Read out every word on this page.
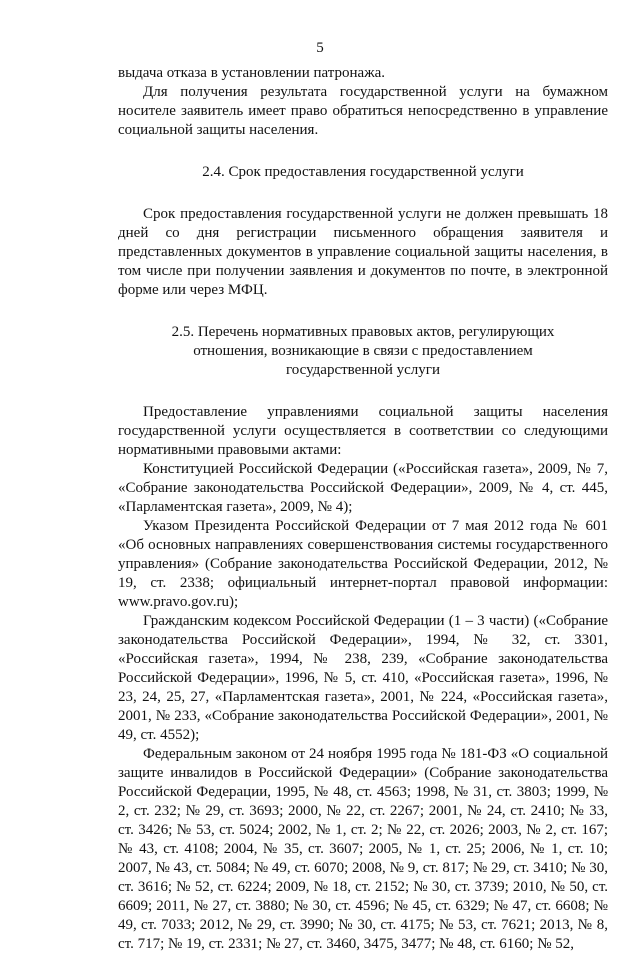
5

выдача отказа в установлении патронажа.

Для получения результата государственной услуги на бумажном носителе заявитель имеет право обратиться непосредственно в управление социальной защиты населения.

2.4. Срок предоставления государственной услуги

Срок предоставления государственной услуги не должен превышать 18 дней со дня регистрации письменного обращения заявителя и представленных документов в управление социальной защиты населения, в том числе при получении заявления и документов по почте, в электронной форме или через МФЦ.

2.5. Перечень нормативных правовых актов, регулирующих
отношения, возникающие в связи с предоставлением
государственной услуги

Предоставление управлениями социальной защиты населения государственной услуги осуществляется в соответствии со следующими нормативными правовыми актами:

Конституцией Российской Федерации («Российская газета», 2009, № 7, «Собрание законодательства Российской Федерации», 2009, № 4, ст. 445, «Парламентская газета», 2009, № 4);

Указом Президента Российской Федерации от 7 мая 2012 года № 601 «Об основных направлениях совершенствования системы государственного управления» (Собрание законодательства Российской Федерации, 2012, № 19, ст. 2338; официальный интернет-портал правовой информации: www.pravo.gov.ru);

Гражданским кодексом Российской Федерации (1 – 3 части) («Собрание законодательства Российской Федерации», 1994, № 32, ст. 3301, «Российская газета», 1994, № 238, 239, «Собрание законодательства Российской Федерации», 1996, № 5, ст. 410, «Российская газета», 1996, № 23, 24, 25, 27, «Парламентская газета», 2001, № 224, «Российская газета», 2001, № 233, «Собрание законодательства Российской Федерации», 2001, № 49, ст. 4552);

Федеральным законом от 24 ноября 1995 года № 181-ФЗ «О социальной защите инвалидов в Российской Федерации» (Собрание законодательства Российской Федерации, 1995, № 48, ст. 4563; 1998, № 31, ст. 3803; 1999, № 2, ст. 232; № 29, ст. 3693; 2000, № 22, ст. 2267; 2001, № 24, ст. 2410; № 33, ст. 3426; № 53, ст. 5024; 2002, № 1, ст. 2; № 22, ст. 2026; 2003, № 2, ст. 167; № 43, ст. 4108; 2004, № 35, ст. 3607; 2005, № 1, ст. 25; 2006, № 1, ст. 10; 2007, № 43, ст. 5084; № 49, ст. 6070; 2008, № 9, ст. 817; № 29, ст. 3410; № 30, ст. 3616; № 52, ст. 6224; 2009, № 18, ст. 2152; № 30, ст. 3739; 2010, № 50, ст. 6609; 2011, № 27, ст. 3880; № 30, ст. 4596; № 45, ст. 6329; № 47, ст. 6608; № 49, ст. 7033; 2012, № 29, ст. 3990; № 30, ст. 4175; № 53, ст. 7621; 2013, № 8, ст. 717; № 19, ст. 2331; № 27, ст. 3460, 3475, 3477; № 48, ст. 6160; № 52,
